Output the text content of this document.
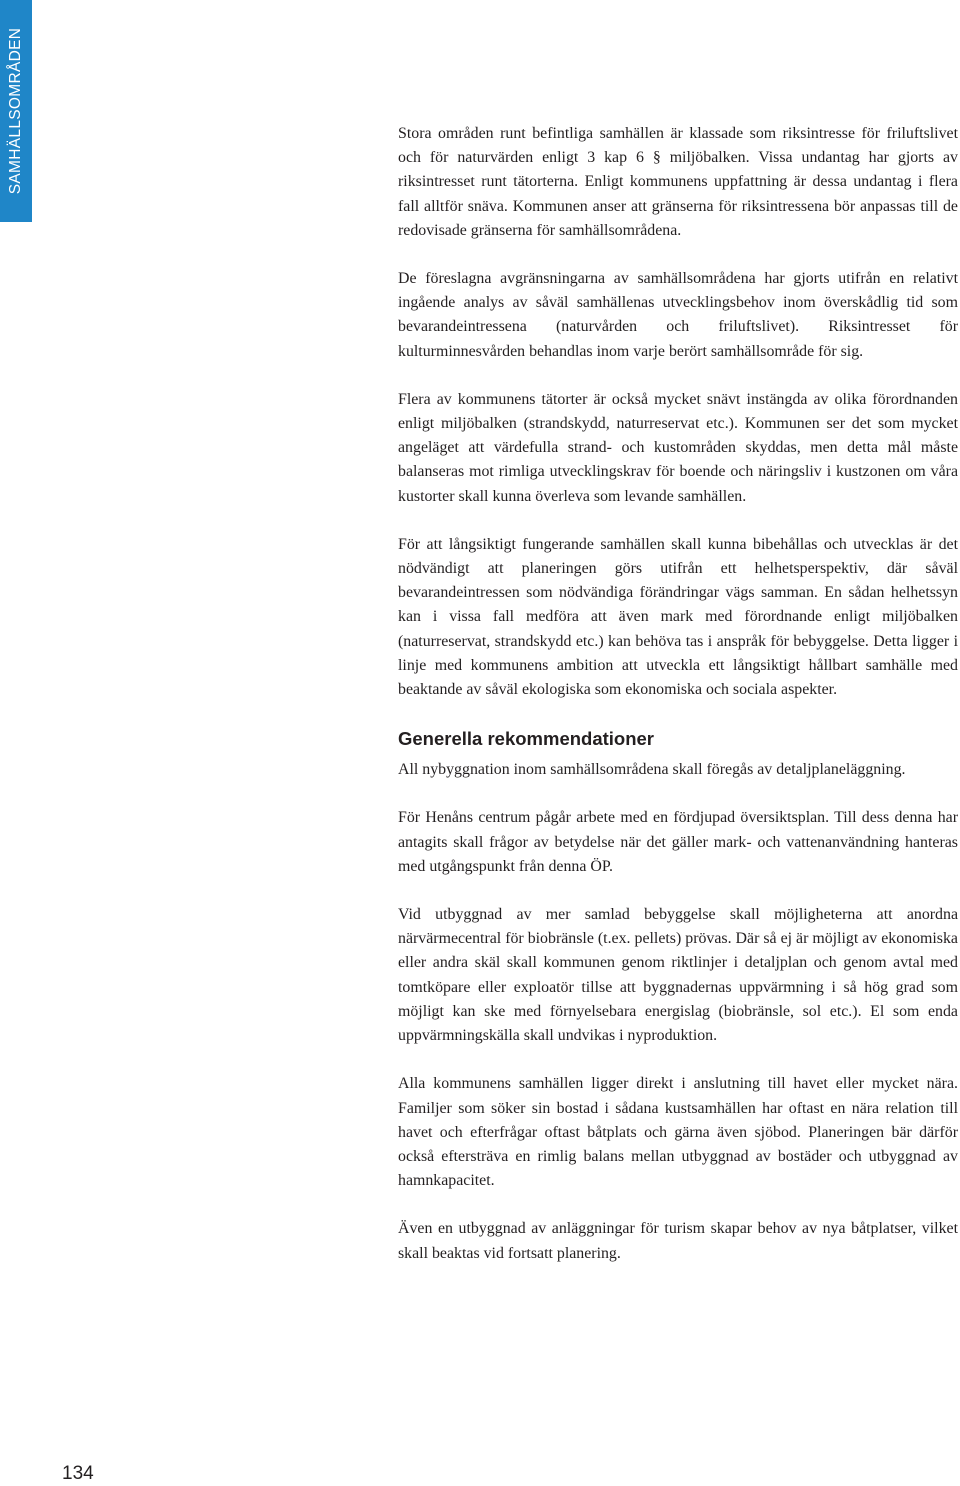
SAMHÄLLSOMRÅDEN	Stora områden runt befintliga samhällen är klassade som riksintresse för friluftslivet och för naturvärden enligt 3 kap 6 § miljöbalken. Vissa undantag har gjorts av riksintresset runt tätorterna. Enligt kommunens uppfattning är dessa undantag i flera fall alltför snäva. Kommunen anser att gränserna för riksintressena bör anpassas till de redovisade gränserna för samhällsområdena.

De föreslagna avgränsningarna av samhällsområdena har gjorts utifrån en relativt ingående analys av såväl samhällenas utvecklingsbehov inom överskådlig tid som bevarandeintressena (naturvården och friluftslivet). Riksintresset för kulturminnesvården behandlas inom varje berört samhällsområde för sig.

Flera av kommunens tätorter är också mycket snävt instängda av olika förordnanden enligt miljöbalken (strandskydd, naturreservat etc.). Kommunen ser det som mycket angeläget att värdefulla strand- och kustområden skyddas, men detta mål måste balanseras mot rimliga utvecklingskrav för boende och näringsliv i kustzonen om våra kustorter skall kunna överleva som levande samhällen.

För att långsiktigt fungerande samhällen skall kunna bibehållas och utvecklas är det nödvändigt att planeringen görs utifrån ett helhetsperspektiv, där såväl bevarandeintressen som nödvändiga förändringar vägs samman. En sådan helhetssyn kan i vissa fall medföra att även mark med förordnande enligt miljöbalken (naturreservat, strandskydd etc.) kan behöva tas i anspråk för bebyggelse. Detta ligger i linje med kommunens ambition att utveckla ett långsiktigt hållbart samhälle med beaktande av såväl ekologiska som ekonomiska och sociala aspekter.

Generella rekommendationer

All nybyggnation inom samhällsområdena skall föregås av detaljplaneläggning.

För Henåns centrum pågår arbete med en fördjupad översiktsplan. Till dess denna har antagits skall frågor av betydelse när det gäller mark- och vattenanvändning hanteras med utgångspunkt från denna ÖP.

Vid utbyggnad av mer samlad bebyggelse skall möjligheterna att anordna närvärmecentral för biobränsle (t.ex. pellets) prövas. Där så ej är möjligt av ekonomiska eller andra skäl skall kommunen genom riktlinjer i detaljplan och genom avtal med tomtköpare eller exploatör tillse att byggnadernas uppvärmning i så hög grad som möjligt kan ske med förnyelsebara energislag (biobränsle, sol etc.). El som enda uppvärmningskälla skall undvikas i nyproduktion.

Alla kommunens samhällen ligger direkt i anslutning till havet eller mycket nära. Familjer som söker sin bostad i sådana kustsamhällen har oftast en nära relation till havet och efterfrågar oftast båtplats och gärna även sjöbod. Planeringen bär därför också eftersträva en rimlig balans mellan utbyggnad av bostäder och utbyggnad av hamnkapacitet.

Även en utbyggnad av anläggningar för turism skapar behov av nya båtplatser, vilket skall beaktas vid fortsatt planering.

134
